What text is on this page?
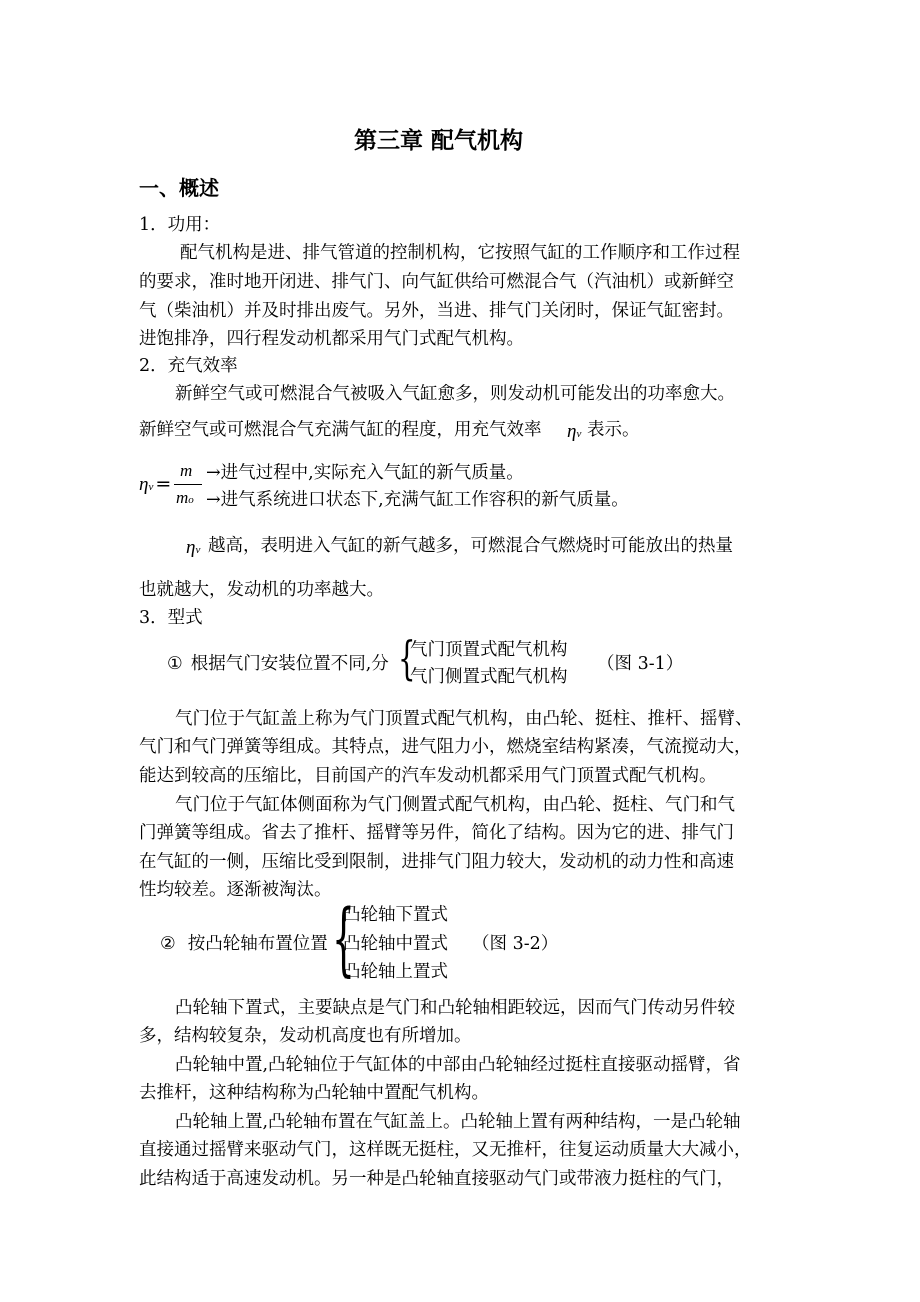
第三章 配气机构
一、概述
1．功用：
配气机构是进、排气管道的控制机构，它按照气缸的工作顺序和工作过程
的要求，准时地开闭进、排气门、向气缸供给可燃混合气（汽油机）或新鲜空
气（柴油机）并及时排出废气。另外，当进、排气门关闭时，保证气缸密封。
进饱排净，四行程发动机都采用气门式配气机构。
2．充气效率
新鲜空气或可燃混合气被吸入气缸愈多，则发动机可能发出的功率愈大。
新鲜空气或可燃混合气充满气缸的程度，用充气效率 ηv 表示。
ηv =
m
mo
→进气过程中,实际充入气缸的新气质量。
→进气系统进口状态下,充满气缸工作容积的新气质量。
ηv 越高，表明进入气缸的新气越多，可燃混合气燃烧时可能放出的热量
也就越大，发动机的功率越大。
3．型式
① 根据气门安装位置不同,分 {
气门顶置式配气机构
气门侧置式配气机构
（图 3-1）
气门位于气缸盖上称为气门顶置式配气机构，由凸轮、挺柱、推杆、摇臂、
气门和气门弹簧等组成。其特点，进气阻力小，燃烧室结构紧凑，气流搅动大，
能达到较高的压缩比，目前国产的汽车发动机都采用气门顶置式配气机构。
气门位于气缸体侧面称为气门侧置式配气机构，由凸轮、挺柱、气门和气
门弹簧等组成。省去了推杆、摇臂等另件，简化了结构。因为它的进、排气门
在气缸的一侧，压缩比受到限制，进排气门阻力较大，发动机的动力性和高速
性均较差。逐渐被淘汰。
② 按凸轮轴布置位置 {
凸轮轴下置式
凸轮轴中置式
凸轮轴上置式
（图 3-2）
凸轮轴下置式，主要缺点是气门和凸轮轴相距较远，因而气门传动另件较
多，结构较复杂，发动机高度也有所增加。
凸轮轴中置,凸轮轴位于气缸体的中部由凸轮轴经过挺柱直接驱动摇臂，省
去推杆，这种结构称为凸轮轴中置配气机构。
凸轮轴上置,凸轮轴布置在气缸盖上。凸轮轴上置有两种结构，一是凸轮轴
直接通过摇臂来驱动气门，这样既无挺柱，又无推杆，往复运动质量大大减小，
此结构适于高速发动机。另一种是凸轮轴直接驱动气门或带液力挺柱的气门，
